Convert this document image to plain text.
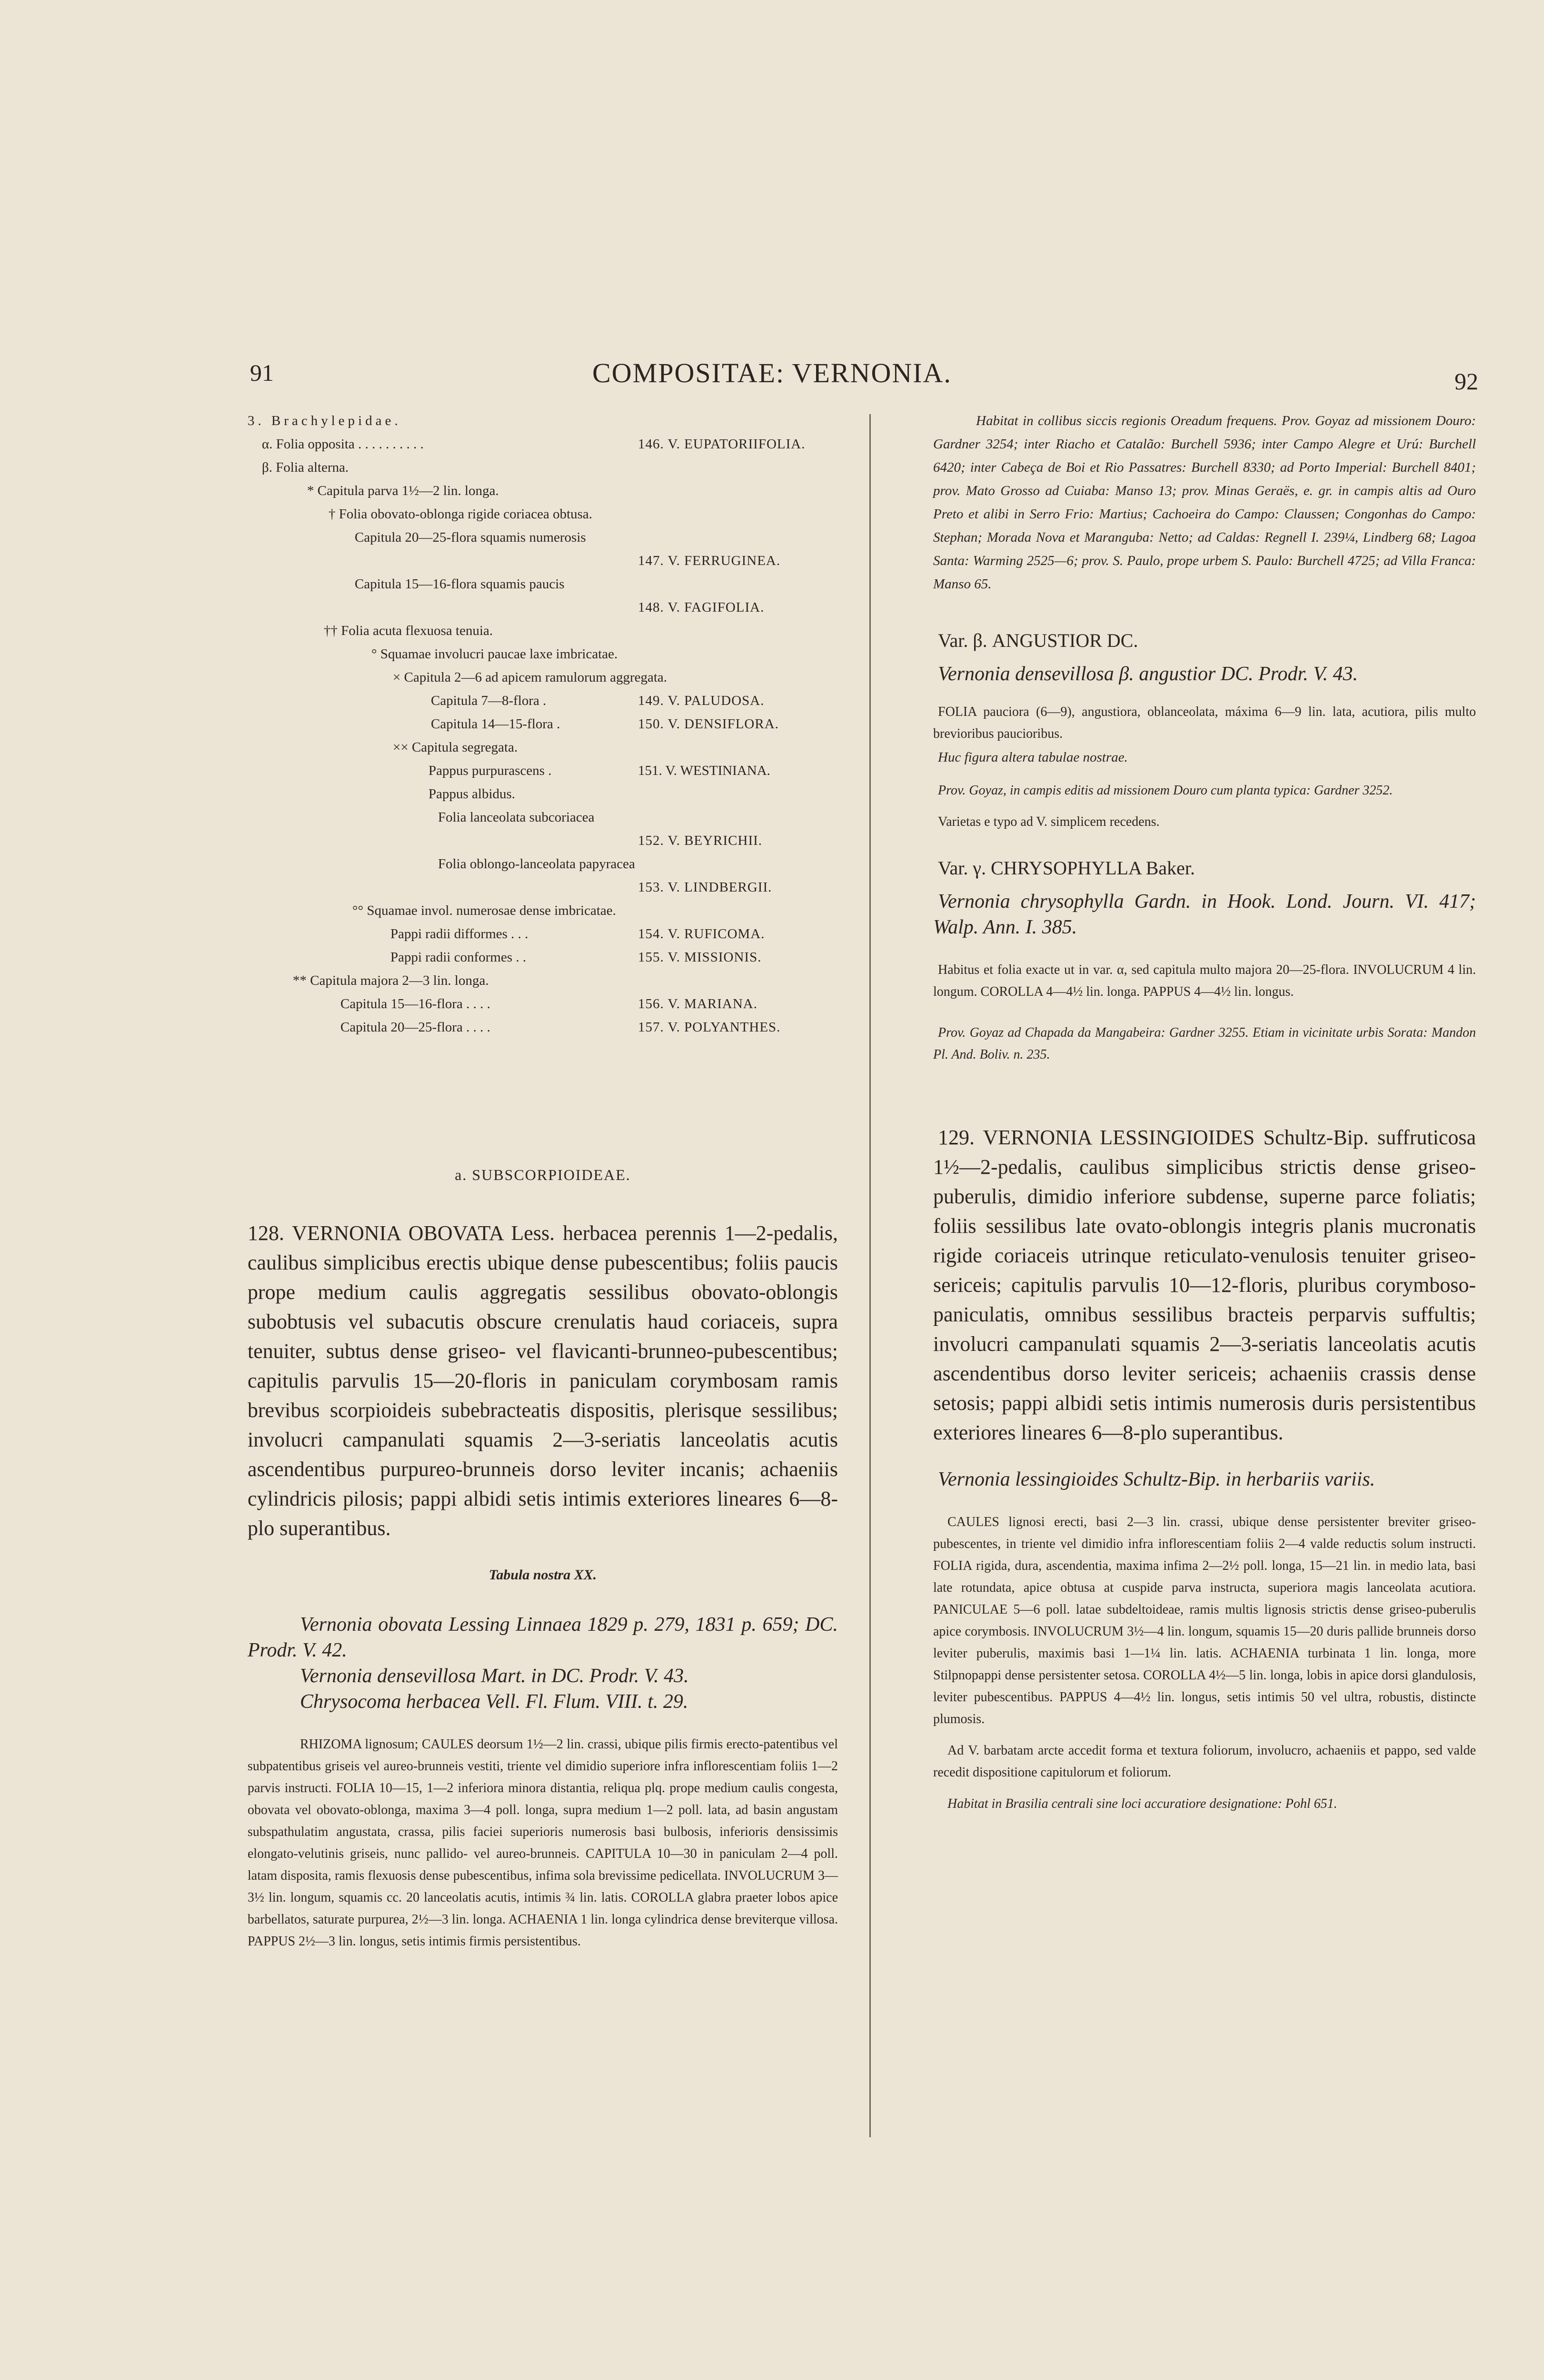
91	COMPOSITAE: VERNONIA.	92
3. Brachylepidae.
α. Folia opposita . . . . . . . . . .	146. V. EUPATORIIFOLIA.
β. Folia alterna.
* Capitula parva 1½—2 lin. longa.
† Folia obovato-oblonga rigide coriacea obtusa.
Capitula 20—25-flora squamis numerosis
147. V. FERRUGINEA.
Capitula 15—16-flora squamis paucis
148. V. FAGIFOLIA.
†† Folia acuta flexuosa tenuia.
° Squamae involucri paucae laxe imbricatae.
× Capitula 2—6 ad apicem ramulorum aggregata.
Capitula 7—8-flora .	149. V. PALUDOSA.
Capitula 14—15-flora .	150. V. DENSIFLORA.
×× Capitula segregata.
Pappus purpurascens .	151. V. WESTINIANA.
Pappus albidus.
Folia lanceolata subcoriacea
152. V. BEYRICHII.
Folia oblongo-lanceolata papyracea
153. V. LINDBERGII.
°° Squamae invol. numerosae dense imbricatae.
Pappi radii difformes . . .	154. V. RUFICOMA.
Pappi radii conformes . .	155. V. MISSIONIS.
** Capitula majora 2—3 lin. longa.
Capitula 15—16-flora . . . .	156. V. MARIANA.
Capitula 20—25-flora . . . .	157. V. POLYANTHES.
a. SUBSCORPIOIDEAE.

128. VERNONIA OBOVATA Less. herbacea perennis 1—2-pedalis, caulibus simplicibus erectis ubique dense pubescentibus; foliis paucis prope medium caulis aggregatis sessilibus obovato-oblongis subobtusis vel subacutis obscure crenulatis haud coriaceis, supra tenuiter, subtus dense griseo- vel flavicanti-brunneo-pubescentibus; capitulis parvulis 15—20-floris in paniculam corymbosam ramis brevibus scorpioideis subebracteatis dispositis, plerisque sessilibus; involucri campanulati squamis 2—3-seriatis lanceolatis acutis ascendentibus purpureo-brunneis dorso leviter incanis; achaeniis cylindricis pilosis; pappi albidi setis intimis exteriores lineares 6—8-plo superantibus.

Tabula nostra XX.

Vernonia obovata Lessing Linnaea 1829 p. 279, 1831 p. 659; DC. Prodr. V. 42.

Vernonia densevillosa Mart. in DC. Prodr. V. 43.

Chrysocoma herbacea Vell. Fl. Flum. VIII. t. 29.

RHIZOMA lignosum; CAULES deorsum 1½—2 lin. crassi, ubique pilis firmis erecto-patentibus vel subpatentibus griseis vel aureo-brunneis vestiti, triente vel dimidio superiore infra inflorescentiam foliis 1—2 parvis instructi. FOLIA 10—15, 1—2 inferiora minora distantia, reliqua plq. prope medium caulis congesta, obovata vel obovato-oblonga, maxima 3—4 poll. longa, supra medium 1—2 poll. lata, ad basin angustam subspathulatim angustata, crassa, pilis faciei superioris numerosis basi bulbosis, inferioris densissimis elongato-velutinis griseis, nunc pallido- vel aureo-brunneis. CAPITULA 10—30 in paniculam 2—4 poll. latam disposita, ramis flexuosis dense pubescentibus, infima sola brevissime pedicellata. INVOLUCRUM 3—3½ lin. longum, squamis cc. 20 lanceolatis acutis, intimis ¾ lin. latis. COROLLA glabra praeter lobos apice barbellatos, saturate purpurea, 2½—3 lin. longa. ACHAENIA 1 lin. longa cylindrica dense breviterque villosa. PAPPUS 2½—3 lin. longus, setis intimis firmis persistentibus.

Habitat in collibus siccis regionis Oreadum frequens. Prov. Goyaz ad missionem Douro: Gardner 3254; inter Riacho et Catalão: Burchell 5936; inter Campo Alegre et Urú: Burchell 6420; inter Cabeça de Boi et Rio Passatres: Burchell 8330; ad Porto Imperial: Burchell 8401; prov. Mato Grosso ad Cuiaba: Manso 13; prov. Minas Geraës, e. gr. in campis altis ad Ouro Preto et alibi in Serro Frio: Martius; Cachoeira do Campo: Claussen; Congonhas do Campo: Stephan; Morada Nova et Maranguba: Netto; ad Caldas: Regnell I. 239¼, Lindberg 68; Lagoa Santa: Warming 2525—6; prov. S. Paulo, prope urbem S. Paulo: Burchell 4725; ad Villa Franca: Manso 65.

Var. β. ANGUSTIOR DC.

Vernonia densevillosa β. angustior DC. Prodr. V. 43.

FOLIA pauciora (6—9), angustiora, oblanceolata, máxima 6—9 lin. lata, acutiora, pilis multo brevioribus paucioribus.

Huc figura altera tabulae nostrae.

Prov. Goyaz, in campis editis ad missionem Douro cum planta typica: Gardner 3252.

Varietas e typo ad V. simplicem recedens.

Var. γ. CHRYSOPHYLLA Baker.

Vernonia chrysophylla Gardn. in Hook. Lond. Journ. VI. 417; Walp. Ann. I. 385.

Habitus et folia exacte ut in var. α, sed capitula multo majora 20—25-flora. INVOLUCRUM 4 lin. longum. COROLLA 4—4½ lin. longa. PAPPUS 4—4½ lin. longus.

Prov. Goyaz ad Chapada da Mangabeira: Gardner 3255. Etiam in vicinitate urbis Sorata: Mandon Pl. And. Boliv. n. 235.

129. VERNONIA LESSINGIOIDES Schultz-Bip. suffruticosa 1½—2-pedalis, caulibus simplicibus strictis dense griseo-puberulis, dimidio inferiore subdense, superne parce foliatis; foliis sessilibus late ovato-oblongis integris planis mucronatis rigide coriaceis utrinque reticulato-venulosis tenuiter griseo-sericeis; capitulis parvulis 10—12-floris, pluribus corymboso-paniculatis, omnibus sessilibus bracteis perparvis suffultis; involucri campanulati squamis 2—3-seriatis lanceolatis acutis ascendentibus dorso leviter sericeis; achaeniis crassis dense setosis; pappi albidi setis intimis numerosis duris persistentibus exteriores lineares 6—8-plo superantibus.

Vernonia lessingioides Schultz-Bip. in herbariis variis.

CAULES lignosi erecti, basi 2—3 lin. crassi, ubique dense persistenter breviter griseo-pubescentes, in triente vel dimidio infra inflorescentiam foliis 2—4 valde reductis solum instructi. FOLIA rigida, dura, ascendentia, maxima infima 2—2½ poll. longa, 15—21 lin. in medio lata, basi late rotundata, apice obtusa at cuspide parva instructa, superiora magis lanceolata acutiora. PANICULAE 5—6 poll. latae subdeltoideae, ramis multis lignosis strictis dense griseo-puberulis apice corymbosis. INVOLUCRUM 3½—4 lin. longum, squamis 15—20 duris pallide brunneis dorso leviter puberulis, maximis basi 1—1¼ lin. latis. ACHAENIA turbinata 1 lin. longa, more Stilpnopappi dense persistenter setosa. COROLLA 4½—5 lin. longa, lobis in apice dorsi glandulosis, leviter pubescentibus. PAPPUS 4—4½ lin. longus, setis intimis 50 vel ultra, robustis, distincte plumosis.

Ad V. barbatam arcte accedit forma et textura foliorum, involucro, achaeniis et pappo, sed valde recedit dispositione capitulorum et foliorum.

Habitat in Brasilia centrali sine loci accuratiore designatione: Pohl 651.
